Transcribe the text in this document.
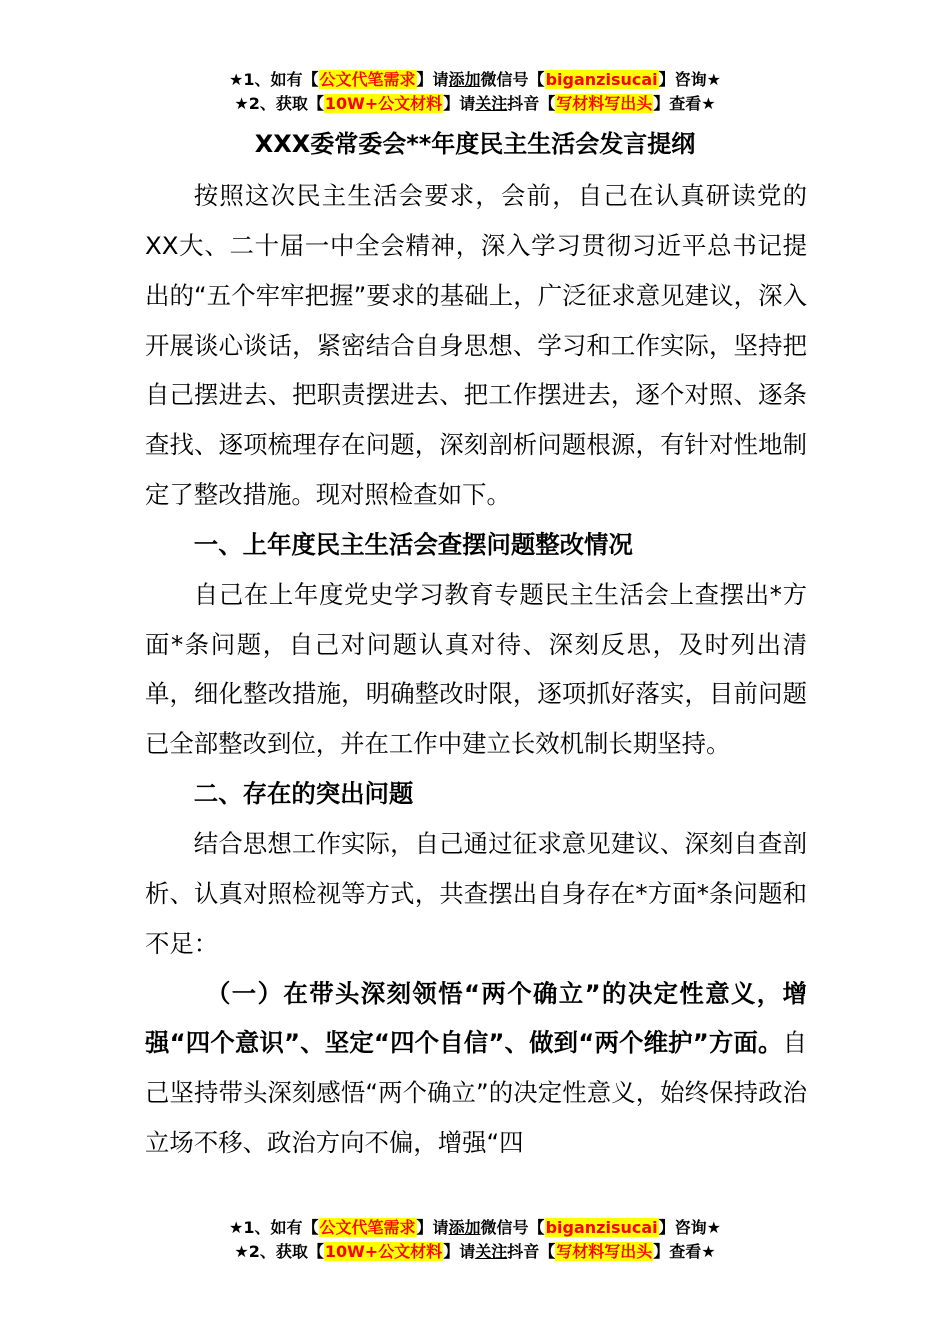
★1、如有【公文代笔需求】请添加微信号【biganzisucai】咨询★
★2、获取【10W+公文材料】请关注抖音【写材料写出头】查看★
XXX委常委会**年度民主生活会发言提纲

按照这次民主生活会要求，会前，自己在认真研读党的XX大、二十届一中全会精神，深入学习贯彻习近平总书记提出的“五个牢牢把握”要求的基础上，广泛征求意见建议，深入开展谈心谈话，紧密结合自身思想、学习和工作实际，坚持把自己摆进去、把职责摆进去、把工作摆进去，逐个对照、逐条查找、逐项梳理存在问题，深刻剖析问题根源，有针对性地制定了整改措施。现对照检查如下。

一、上年度民主生活会查摆问题整改情况

自己在上年度党史学习教育专题民主生活会上查摆出*方面*条问题，自己对问题认真对待、深刻反思，及时列出清单，细化整改措施，明确整改时限，逐项抓好落实，目前问题已全部整改到位，并在工作中建立长效机制长期坚持。

二、存在的突出问题

结合思想工作实际，自己通过征求意见建议、深刻自查剖析、认真对照检视等方式，共查摆出自身存在*方面*条问题和不足：

（一）在带头深刻领悟“两个确立”的决定性意义，增强“四个意识”、坚定“四个自信”、做到“两个维护”方面。自己坚持带头深刻感悟“两个确立”的决定性意义，始终保持政治立场不移、政治方向不偏，增强“四

★1、如有【公文代笔需求】请添加微信号【biganzisucai】咨询★
★2、获取【10W+公文材料】请关注抖音【写材料写出头】查看★
